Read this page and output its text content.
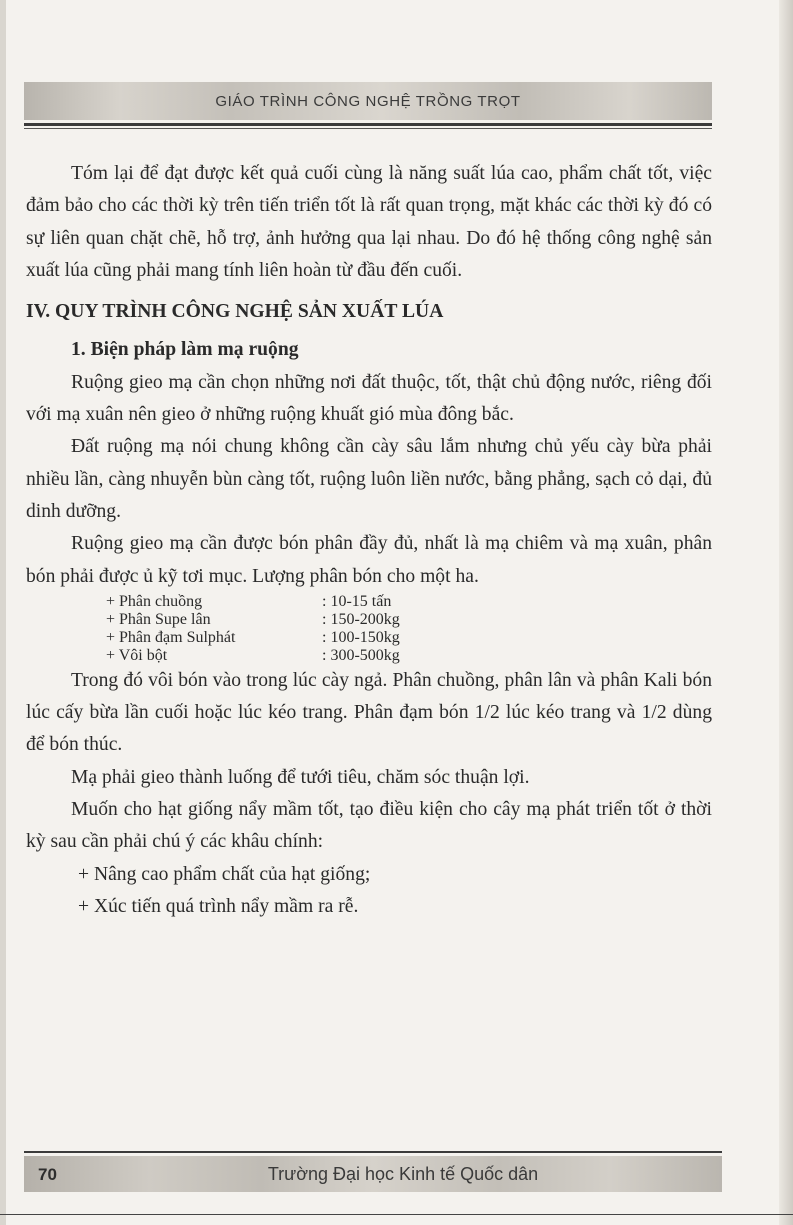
GIÁO TRÌNH CÔNG NGHỆ TRỒNG TRỌT

Tóm lại để đạt được kết quả cuối cùng là năng suất lúa cao, phẩm chất tốt, việc đảm bảo cho các thời kỳ trên tiến triển tốt là rất quan trọng, mặt khác các thời kỳ đó có sự liên quan chặt chẽ, hỗ trợ, ảnh hưởng qua lại nhau. Do đó hệ thống công nghệ sản xuất lúa cũng phải mang tính liên hoàn từ đầu đến cuối.

IV. QUY TRÌNH CÔNG NGHỆ SẢN XUẤT LÚA
1. Biện pháp làm mạ ruộng

Ruộng gieo mạ cần chọn những nơi đất thuộc, tốt, thật chủ động nước, riêng đối với mạ xuân nên gieo ở những ruộng khuất gió mùa đông bắc.

Đất ruộng mạ nói chung không cần cày sâu lắm nhưng chủ yếu cày bừa phải nhiều lần, càng nhuyễn bùn càng tốt, ruộng luôn liền nước, bằng phẳng, sạch cỏ dại, đủ dinh dưỡng.

Ruộng gieo mạ cần được bón phân đầy đủ, nhất là mạ chiêm và mạ xuân, phân bón phải được ủ kỹ tơi mục. Lượng phân bón cho một ha.

+ Phân chuồng	: 10-15 tấn
+ Phân Supe lân	: 150-200kg
+ Phân đạm Sulphát	: 100-150kg
+ Vôi bột	: 300-500kg

Trong đó vôi bón vào trong lúc cày ngả. Phân chuồng, phân lân và phân Kali bón lúc cấy bừa lần cuối hoặc lúc kéo trang. Phân đạm bón 1/2 lúc kéo trang và 1/2 dùng để bón thúc.

Mạ phải gieo thành luống để tưới tiêu, chăm sóc thuận lợi.

Muốn cho hạt giống nẩy mầm tốt, tạo điều kiện cho cây mạ phát triển tốt ở thời kỳ sau cần phải chú ý các khâu chính:

+ Nâng cao phẩm chất của hạt giống;

+ Xúc tiến quá trình nẩy mầm ra rễ.

Trường Đại học Kinh tế Quốc dân
70
